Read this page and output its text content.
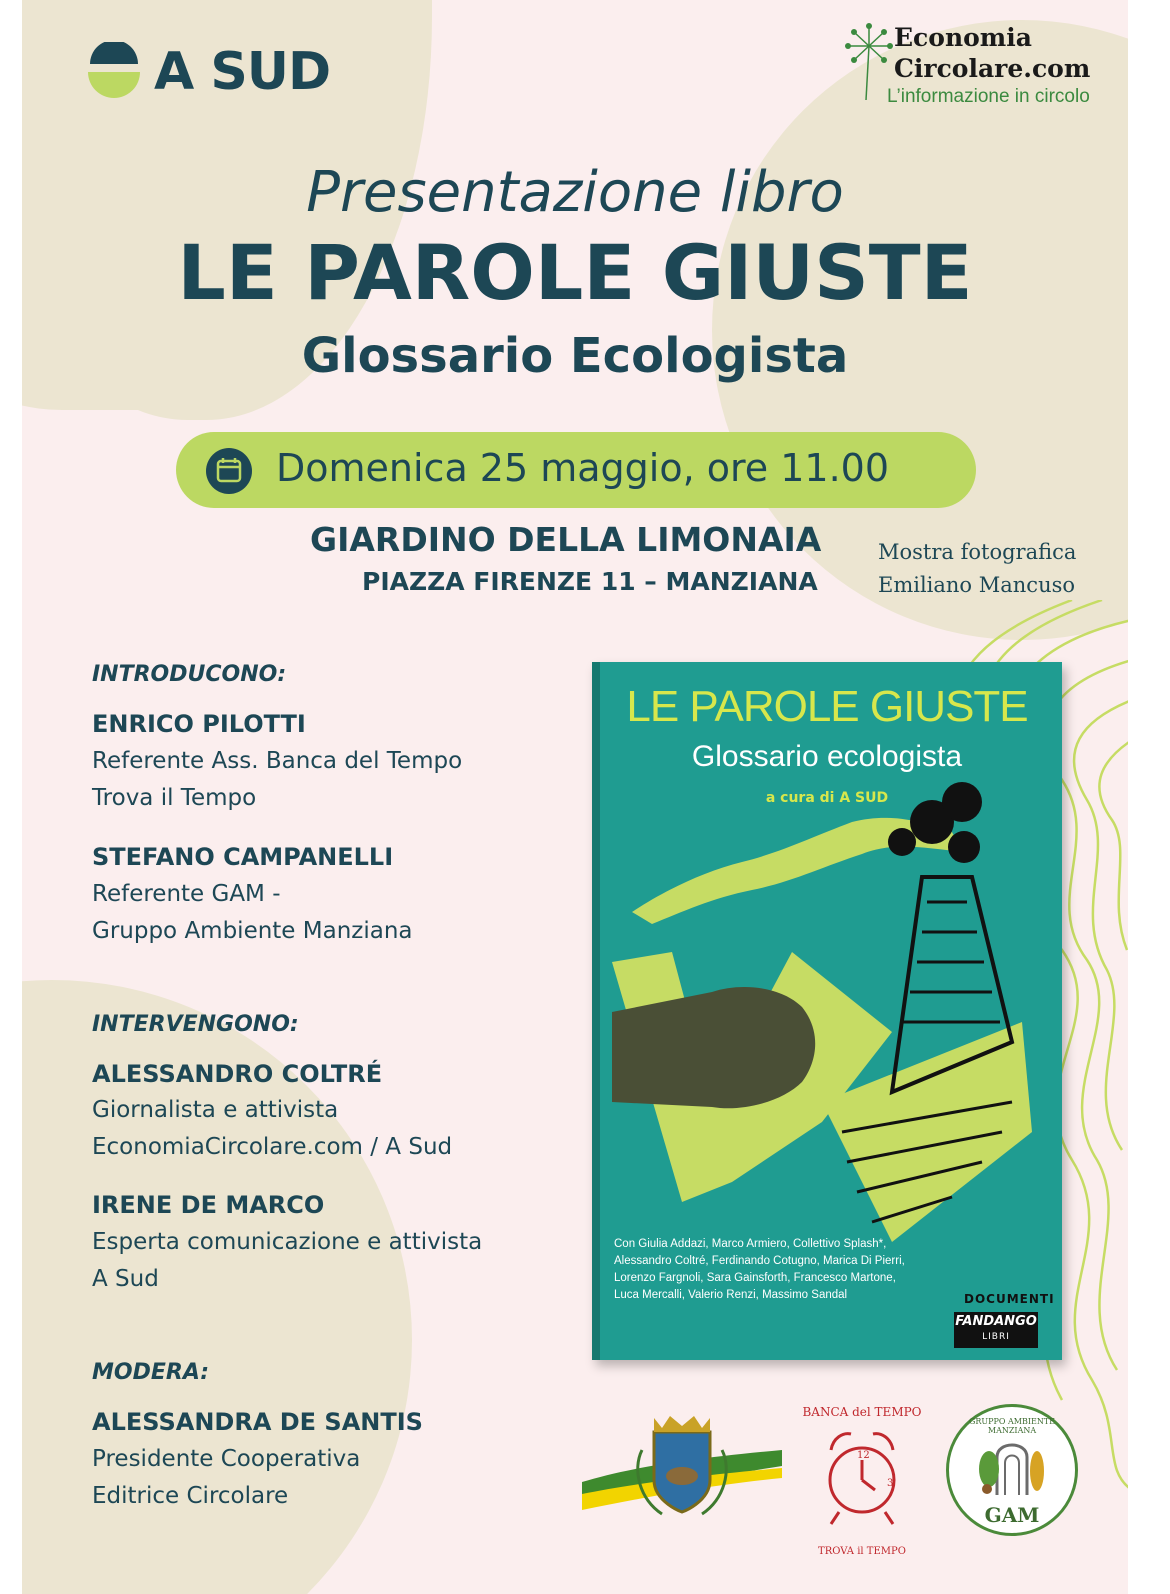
A SUD
Economia
Circolare.com
L’informazione in circolo
Presentazione libro
LE PAROLE GIUSTE
Glossario Ecologista
Domenica 25 maggio, ore 11.00
GIARDINO DELLA LIMONAIA
PIAZZA FIRENZE 11 – MANZIANA
Mostra fotografica
Emiliano Mancuso
INTRODUCONO:
ENRICO PILOTTI
Referente Ass. Banca del Tempo
Trova il Tempo
STEFANO CAMPANELLI
Referente GAM -
Gruppo Ambiente Manziana
INTERVENGONO:
ALESSANDRO COLTRÉ
Giornalista e attivista
EconomiaCircolare.com / A Sud
IRENE DE MARCO
Esperta comunicazione e attivista
A Sud
MODERA:
ALESSANDRA DE SANTIS
Presidente Cooperativa
Editrice Circolare
LE PAROLE GIUSTE
Glossario ecologista
a cura di A SUD
Con Giulia Addazi, Marco Armiero, Collettivo Splash*,
Alessandro Coltré, Ferdinando Cotugno, Marica Di Pierri,
Lorenzo Fargnoli, Sara Gainsforth, Francesco Martone,
Luca Mercalli, Valerio Renzi, Massimo Sandal	DOCUMENTI
FANDANGO
LIBRI
BANCA del TEMPO
12
3
TROVA il TEMPO
GRUPPO AMBIENTE MANZIANA
GAM
